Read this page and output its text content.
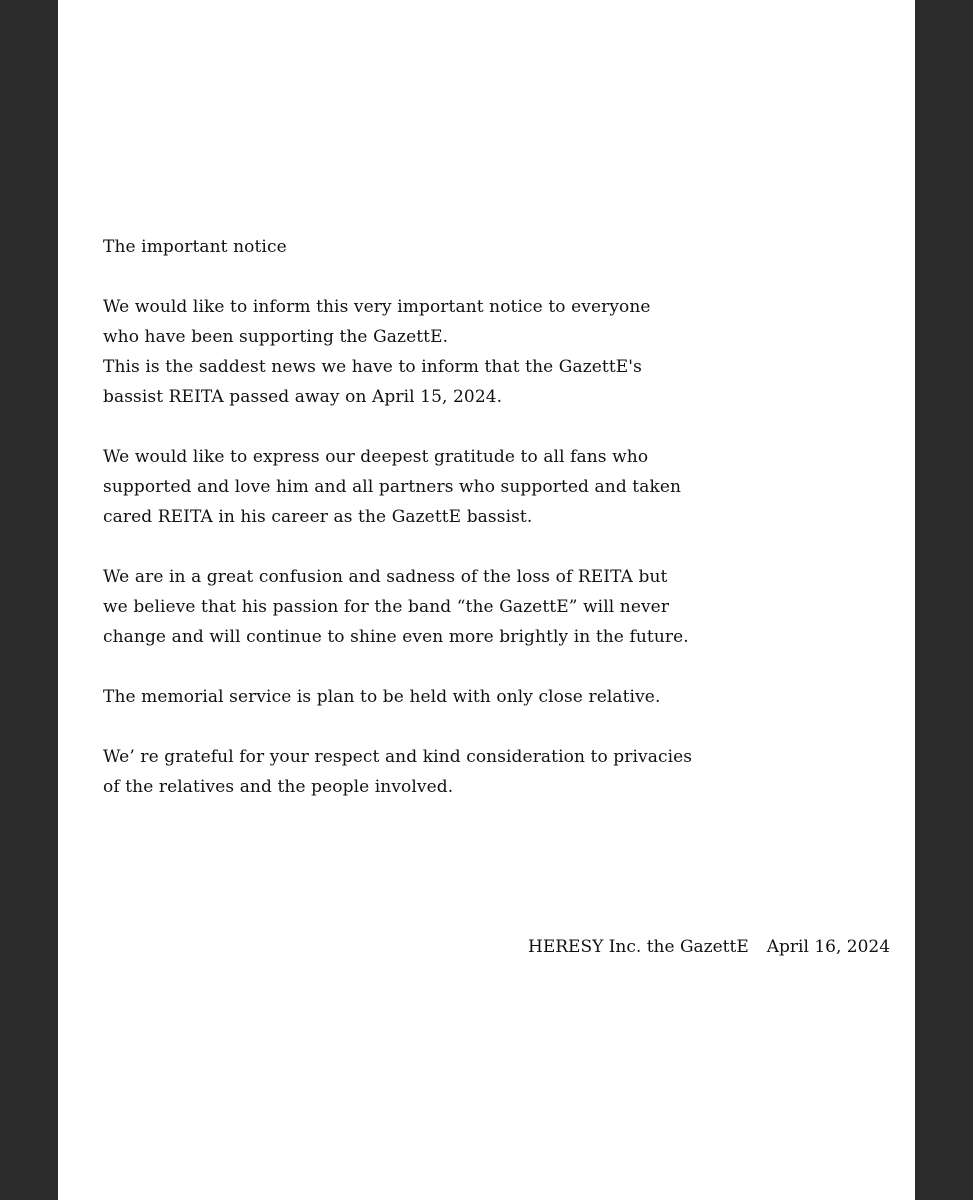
The important notice
We would like to inform this very important notice to everyone
who have been supporting the GazettE.
This is the saddest news we have to inform that the GazettE's
bassist REITA passed away on April 15, 2024.
We would like to express our deepest gratitude to all fans who
supported and love him and all partners who supported and taken
cared REITA in his career as the GazettE bassist.
We are in a great confusion and sadness of the loss of REITA but
we believe that his passion for the band “the GazettE” will never
change and will continue to shine even more brightly in the future.
The memorial service is plan to be held with only close relative.
We’ re grateful for your respect and kind consideration to privacies
of the relatives and the people involved.
HERESY Inc. the GazettE April 16, 2024
